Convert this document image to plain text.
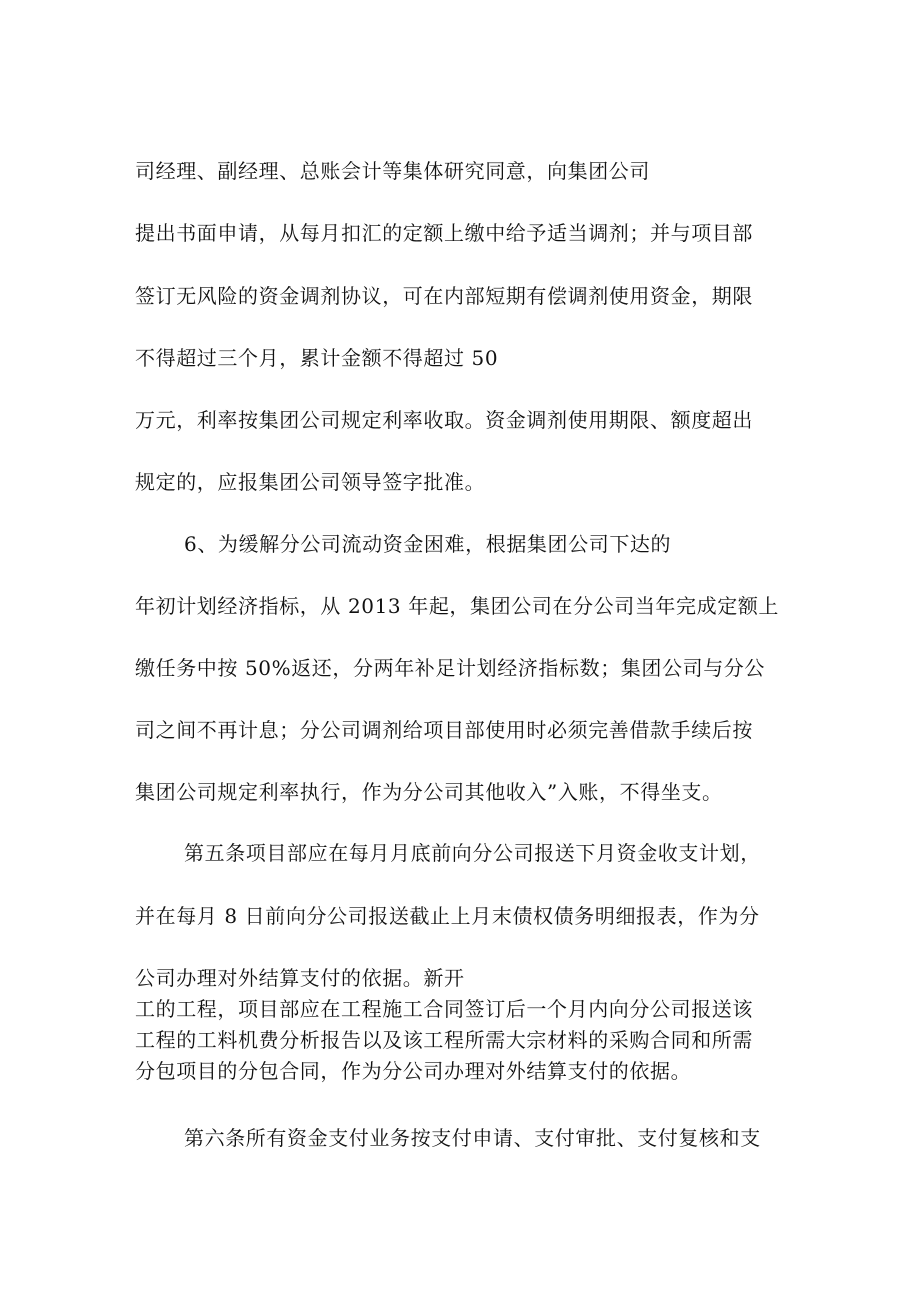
司经理、副经理、总账会计等集体研究同意，向集团公司

提出书面申请，从每月扣汇的定额上缴中给予适当调剂；并与项目部

签订无风险的资金调剂协议，可在内部短期有偿调剂使用资金，期限

不得超过三个月，累计金额不得超过 50

万元，利率按集团公司规定利率收取。资金调剂使用期限、额度超出

规定的，应报集团公司领导签字批准。

6、为缓解分公司流动资金困难，根据集团公司下达的

年初计划经济指标，从 2013 年起，集团公司在分公司当年完成定额上

缴任务中按 50%返还，分两年补足计划经济指标数；集团公司与分公

司之间不再计息；分公司调剂给项目部使用时必须完善借款手续后按

集团公司规定利率执行，作为分公司其他收入”入账，不得坐支。

第五条项目部应在每月月底前向分公司报送下月资金收支计划，

并在每月 8 日前向分公司报送截止上月末债权债务明细报表，作为分

公司办理对外结算支付的依据。新开

工的工程，项目部应在工程施工合同签订后一个月内向分公司报送该

工程的工料机费分析报告以及该工程所需大宗材料的采购合同和所需

分包项目的分包合同，作为分公司办理对外结算支付的依据。

第六条所有资金支付业务按支付申请、支付审批、支付复核和支
